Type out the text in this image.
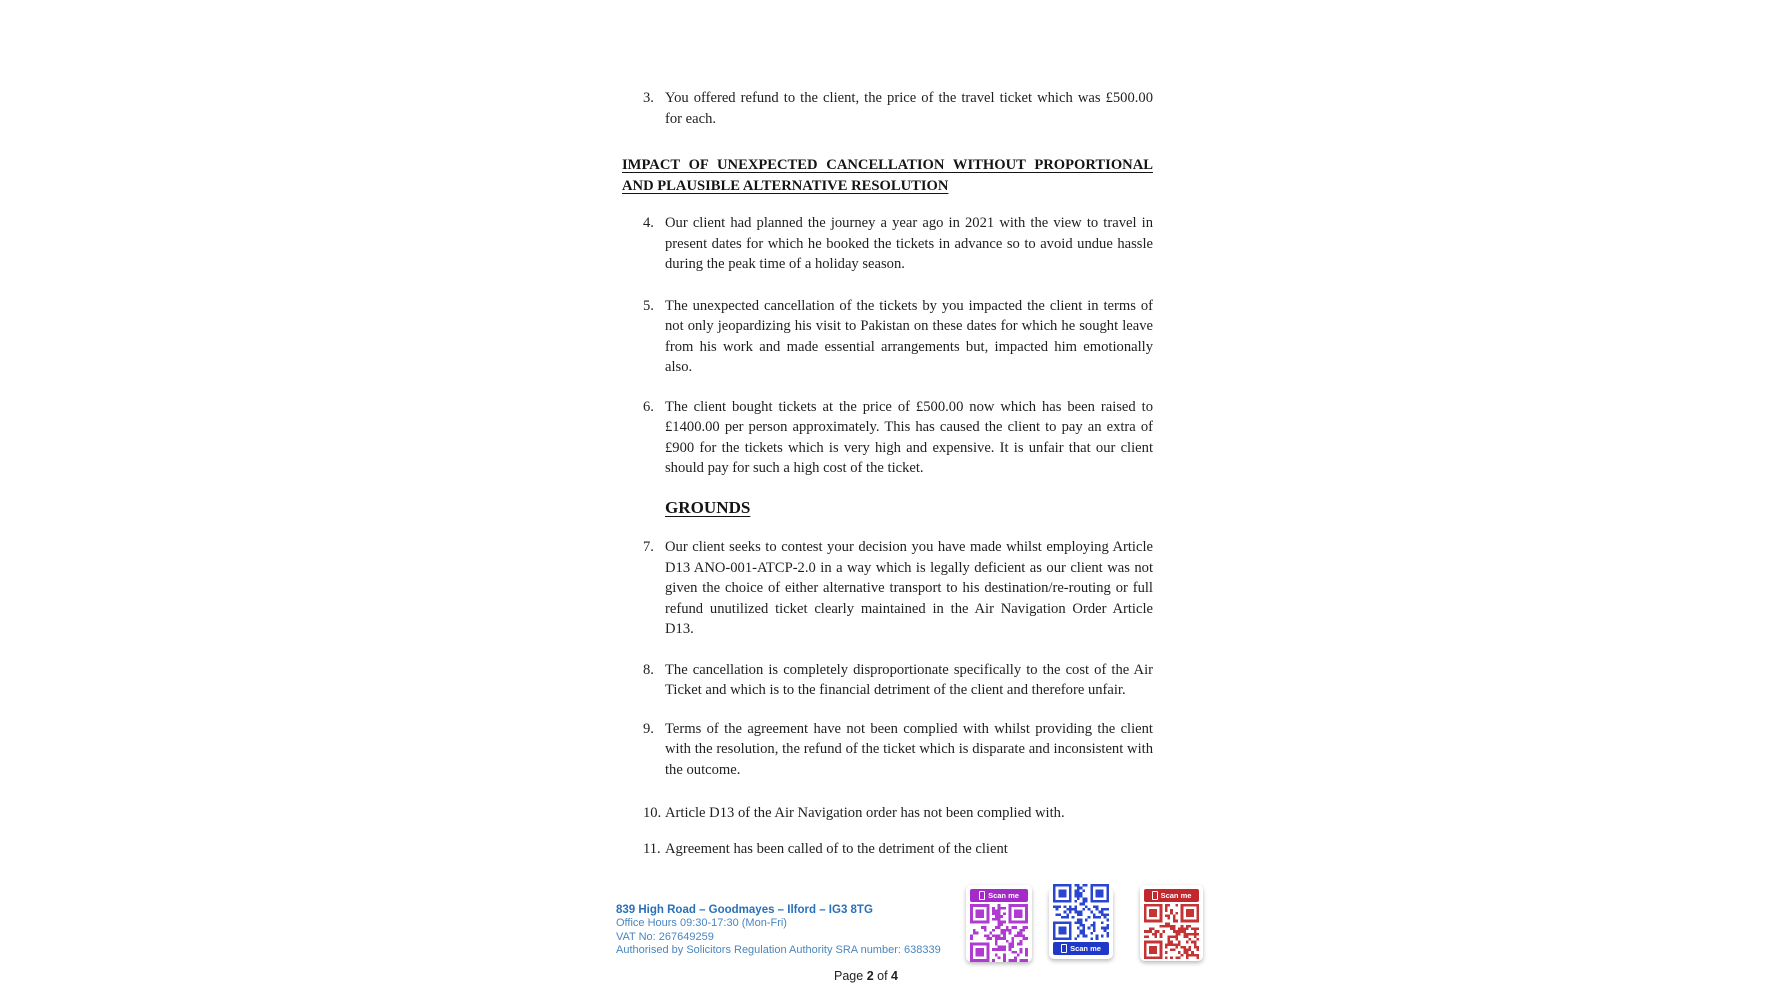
3. You offered refund to the client, the price of the travel ticket which was £500.00 for each.

IMPACT OF UNEXPECTED CANCELLATION WITHOUT PROPORTIONAL AND PLAUSIBLE ALTERNATIVE RESOLUTION
4. Our client had planned the journey a year ago in 2021 with the view to travel in present dates for which he booked the tickets in advance so to avoid undue hassle during the peak time of a holiday season.

5. The unexpected cancellation of the tickets by you impacted the client in terms of not only jeopardizing his visit to Pakistan on these dates for which he sought leave from his work and made essential arrangements but, impacted him emotionally also.

6. The client bought tickets at the price of £500.00 now which has been raised to £1400.00 per person approximately. This has caused the client to pay an extra of £900 for the tickets which is very high and expensive. It is unfair that our client should pay for such a high cost of the ticket.

GROUNDS
7. Our client seeks to contest your decision you have made whilst employing Article D13 ANO-001-ATCP-2.0 in a way which is legally deficient as our client was not given the choice of either alternative transport to his destination/re-routing or full refund unutilized ticket clearly maintained in the Air Navigation Order Article D13.

8. The cancellation is completely disproportionate specifically to the cost of the Air Ticket and which is to the financial detriment of the client and therefore unfair.

9. Terms of the agreement have not been complied with whilst providing the client with the resolution, the refund of the ticket which is disparate and inconsistent with the outcome.

10. Article D13 of the Air Navigation order has not been complied with.

11. Agreement has been called of to the detriment of the client

839 High Road – Goodmayes – Ilford – IG3 8TG
Office Hours 09:30-17:30 (Mon-Fri)
VAT No: 267649259
Authorised by Solicitors Regulation Authority SRA number: 638339
Scan me
Scan me
Scan me
Page 2 of 4
